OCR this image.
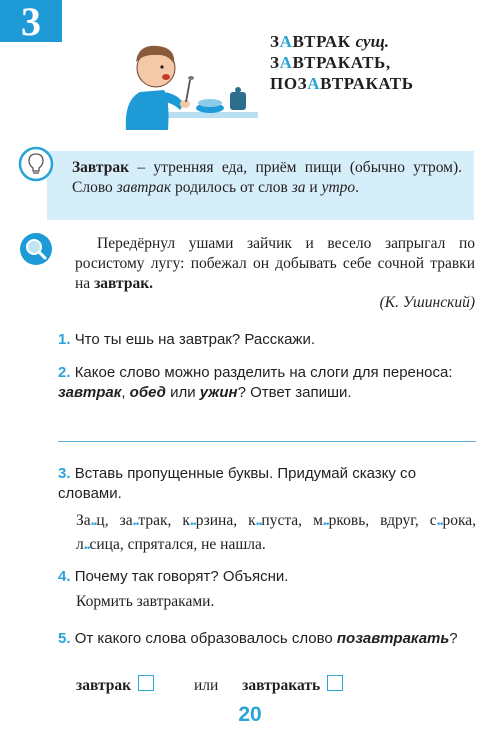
3	ЗАВТРАК сущ.
ЗАВТРАКАТЬ,
ПОЗАВТРАКАТЬ
Завтрак – утренняя еда, приём пищи (обычно утром). Слово завтрак родилось от слов за и утро.
Передёрнул ушами зайчик и весело запрыгал по росистому лугу: побежал он добывать себе сочной травки на завтрак.
(К. Ушинский)

1. Что ты ешь на завтрак? Расскажи.

2. Какое слово можно разделить на слоги для переноса: завтрак, обед или ужин? Ответ запиши.

3. Вставь пропущенные буквы. Придумай сказку со словами.

За..ц, за..трак, к..рзина, к..пуста, м..рковь, вдруг, с..рока, л..сица, спрятался, не нашла.

4. Почему так говорят? Объясни.

Кормить завтраками.

5. От какого слова образовалось слово позавтракать?

завтрак	или завтракать
20
